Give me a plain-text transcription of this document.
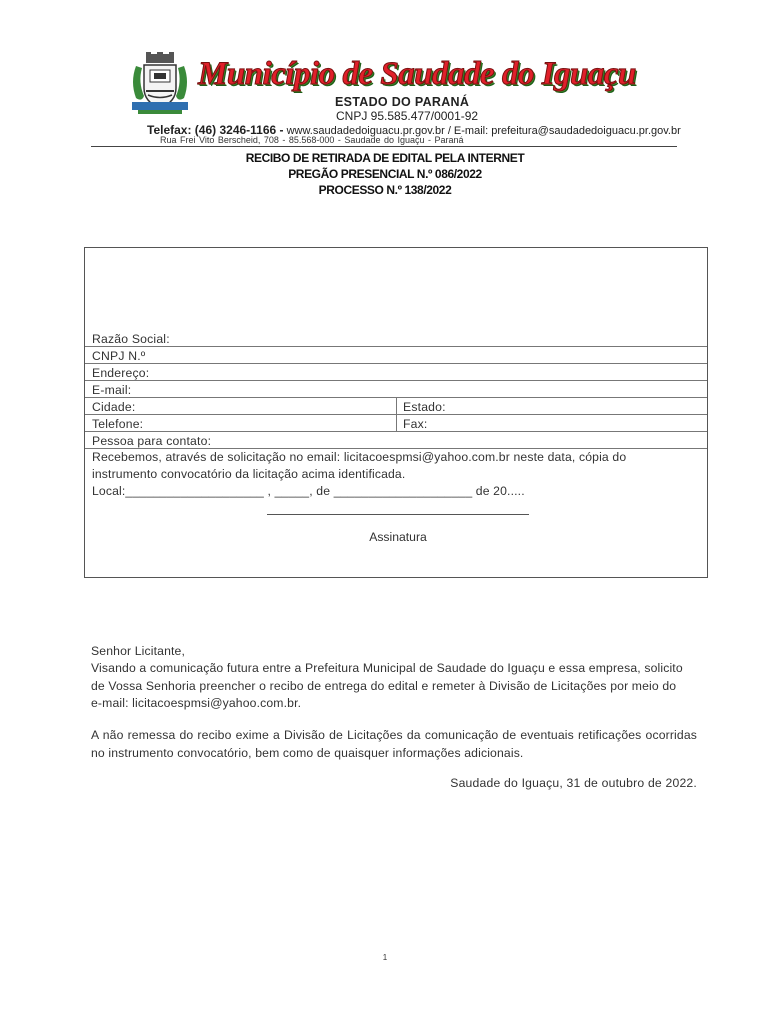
Município de Saudade do Iguaçu
ESTADO DO PARANÁ
CNPJ 95.585.477/0001-92
Telefax: (46) 3246-1166 - www.saudadedoiguacu.pr.gov.br / E-mail: prefeitura@saudadedoiguacu.pr.gov.br
Rua Frei Vito Berscheid, 708 - 85.568-000 - Saudade do Iguaçu - Paraná
RECIBO DE RETIRADA DE EDITAL PELA INTERNET
PREGÃO PRESENCIAL N.º 086/2022
PROCESSO N.º 138/2022
Razão Social:
CNPJ N.º
Endereço:
E-mail:
Cidade:	Estado:
Telefone:	Fax:
Pessoa para contato:
Recebemos, através de solicitação no email: licitacoespmsi@yahoo.com.br neste data, cópia do
instrumento convocatório da licitação acima identificada.
Local:____________________ , _____, de ____________________ de 20.....
Assinatura
Senhor Licitante,
Visando a comunicação futura entre a Prefeitura Municipal de Saudade do Iguaçu e essa empresa, solicito
de Vossa Senhoria preencher o recibo de entrega do edital e remeter à Divisão de Licitações por meio do
e-mail: licitacoespmsi@yahoo.com.br.
A não remessa do recibo exime a Divisão de Licitações da comunicação de eventuais retificações ocorridas no instrumento convocatório, bem como de quaisquer informações adicionais.
Saudade do Iguaçu, 31 de outubro de 2022.
1
